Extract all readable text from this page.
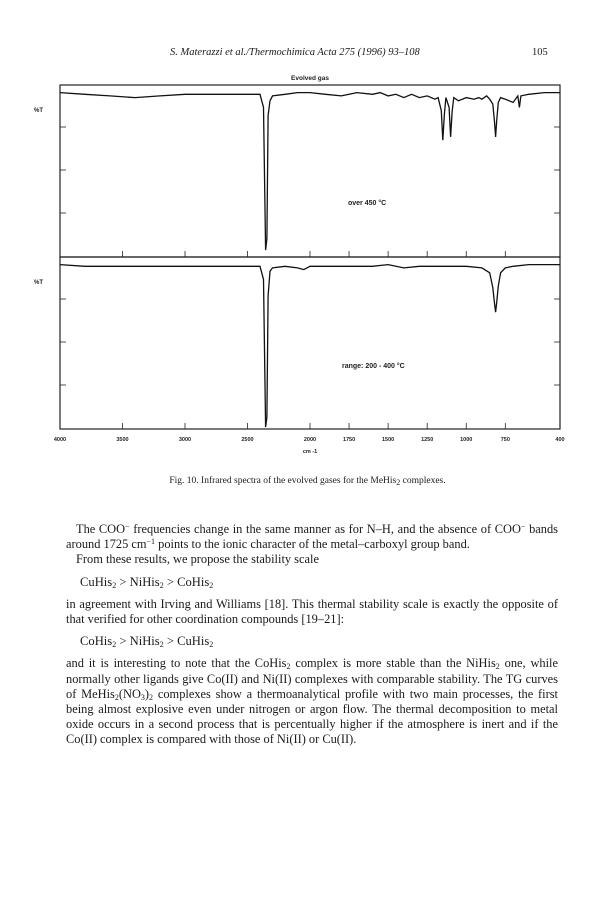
S. Materazzi et al./Thermochimica Acta 275 (1996) 93–108	105
Evolved gas
%T
%T
over 450 °C
range: 200 - 400 °C
4000	3500	3000	2500	2000	1750	1500	1250	1000	750	400
cm -1
Fig. 10. Infrared spectra of the evolved gases for the MeHis$_2$ complexes.

The COO− frequencies change in the same manner as for N–H, and the absence of COO− bands around 1725 $cm^{-1}$ points to the ionic character of the metal–carboxyl group band.

From these results, we propose the stability scale

CuHis$_2$ > NiHis$_2$ > CoHis$_2$

in agreement with Irving and Williams [18]. This thermal stability scale is exactly the opposite of that verified for other coordination compounds [19–21]:

CoHis$_2$ > NiHis$_2$ > CuHis$_2$

and it is interesting to note that the CoHis$_2$ complex is more stable than the NiHis$_2$ one, while normally other ligands give Co(II) and Ni(II) complexes with comparable stability. The TG curves of $MeHis_2(NO_3)_2$ complexes show a thermoanalytical profile with two main processes, the first being almost explosive even under nitrogen or argon flow. The thermal decomposition to metal oxide occurs in a second process that is percentually higher if the atmosphere is inert and if the Co(II) complex is compared with those of Ni(II) or Cu(II).
